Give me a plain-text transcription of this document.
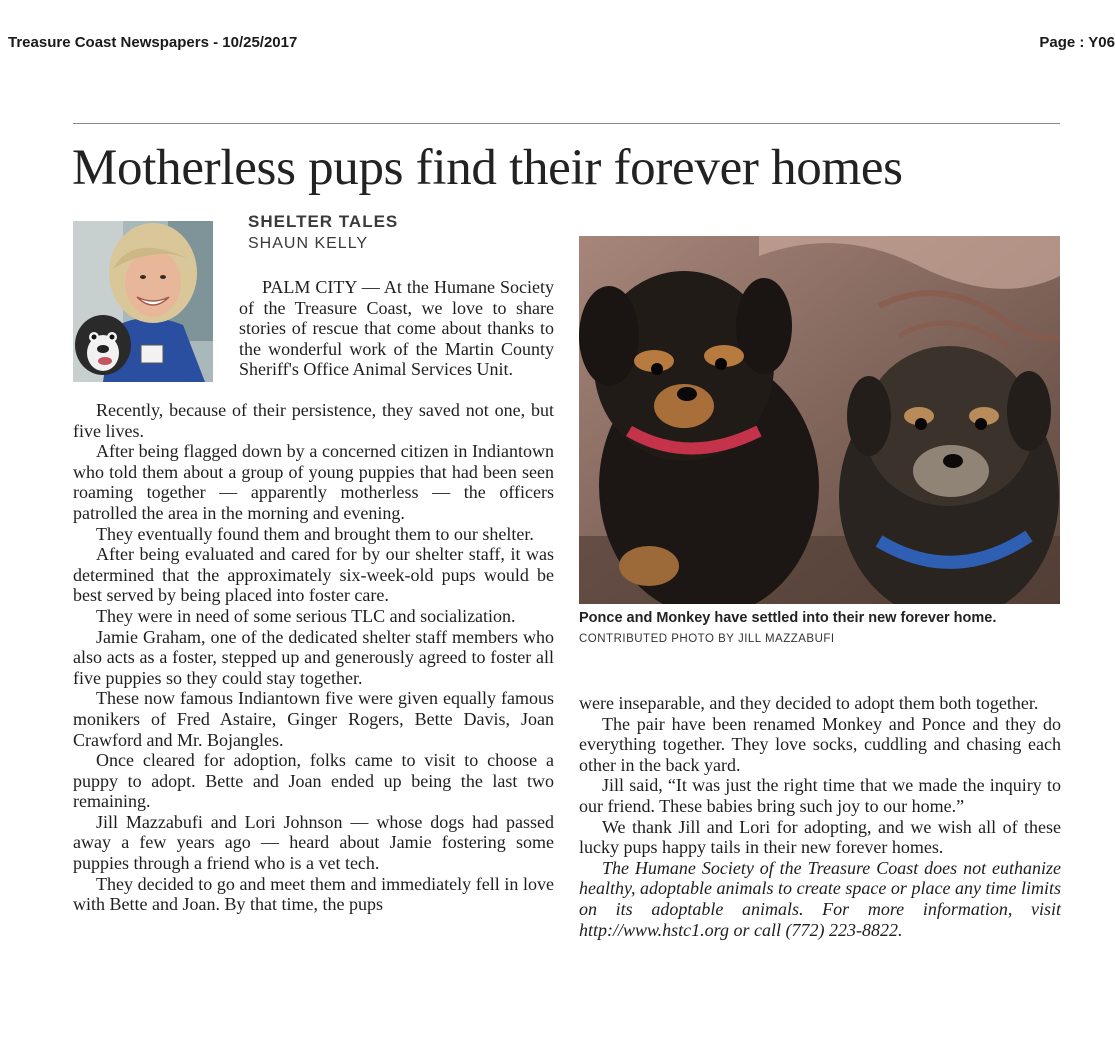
Treasure Coast Newspapers - 10/25/2017	Page : Y06
Motherless pups find their forever homes
SHELTER TALES
SHAUN KELLY

PALM CITY — At the Humane Society of the Treasure Coast, we love to share stories of rescue that come about thanks to the wonderful work of the Martin County Sheriff's Office Animal Services Unit.

Recently, because of their persistence, they saved not one, but five lives.

After being flagged down by a concerned citizen in Indiantown who told them about a group of young puppies that had been seen roaming together — apparently motherless — the officers patrolled the area in the morning and evening.

They eventually found them and brought them to our shelter.

After being evaluated and cared for by our shelter staff, it was determined that the approximately six-week-old pups would be best served by being placed into foster care.

They were in need of some serious TLC and socialization.

Jamie Graham, one of the dedicated shelter staff members who also acts as a foster, stepped up and generously agreed to foster all five puppies so they could stay together.

These now famous Indiantown five were given equally famous monikers of Fred Astaire, Ginger Rogers, Bette Davis, Joan Crawford and Mr. Bojangles.

Once cleared for adoption, folks came to visit to choose a puppy to adopt. Bette and Joan ended up being the last two remaining.

Jill Mazzabufi and Lori Johnson — whose dogs had passed away a few years ago — heard about Jamie fostering some puppies through a friend who is a vet tech.

They decided to go and meet them and immediately fell in love with Bette and Joan. By that time, the pups

Ponce and Monkey have settled into their new forever home.
CONTRIBUTED PHOTO BY JILL MAZZABUFI

were inseparable, and they decided to adopt them both together.

The pair have been renamed Monkey and Ponce and they do everything together. They love socks, cuddling and chasing each other in the back yard.

Jill said, “It was just the right time that we made the inquiry to our friend. These babies bring such joy to our home.”

We thank Jill and Lori for adopting, and we wish all of these lucky pups happy tails in their new forever homes.

The Humane Society of the Treasure Coast does not euthanize healthy, adoptable animals to create space or place any time limits on its adoptable animals. For more information, visit http://www.hstc1.org or call (772) 223-8822.
